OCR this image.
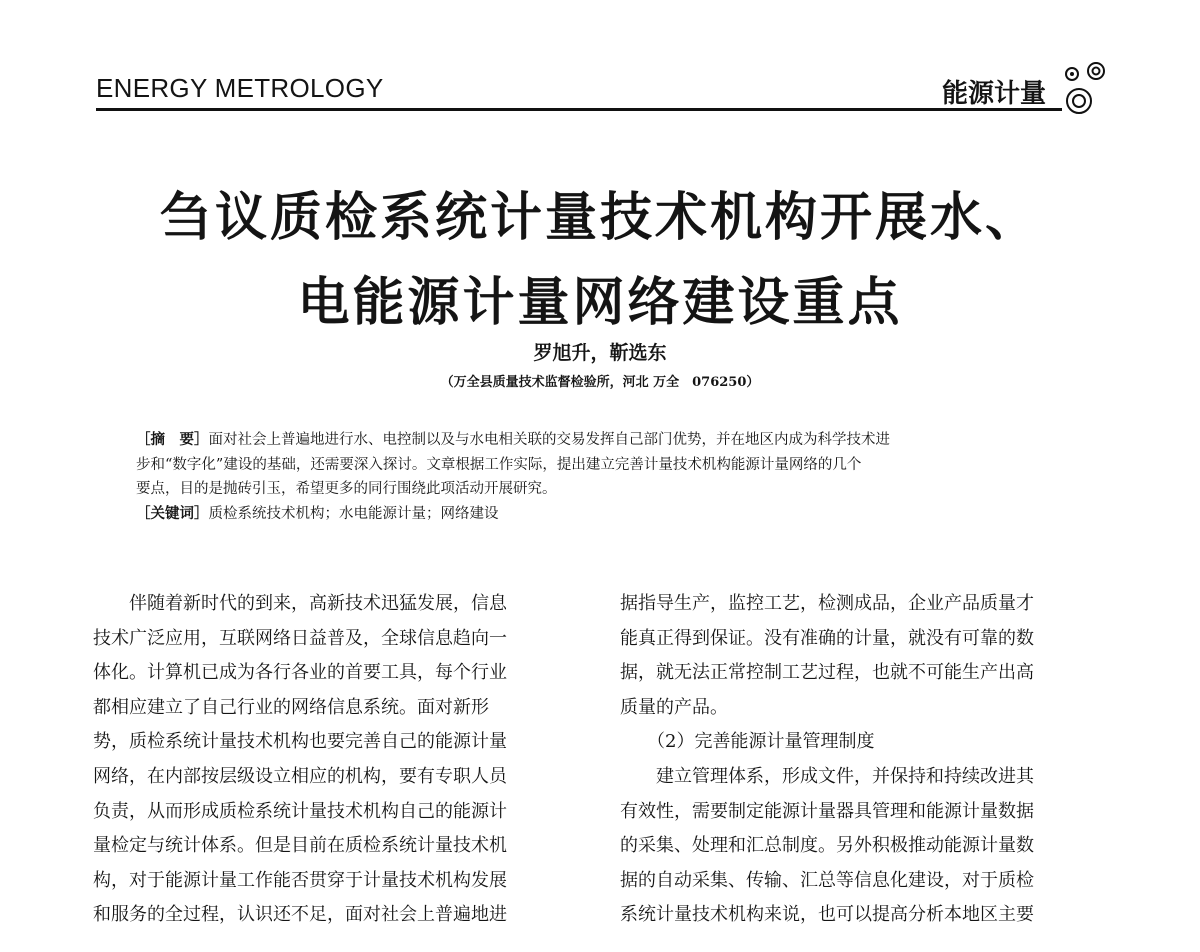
ENERGY METROLOGY	能源计量
刍议质检系统计量技术机构开展水、
电能源计量网络建设重点
罗旭升，靳选东
（万全县质量技术监督检验所，河北 万全　076250）
［摘　要］面对社会上普遍地进行水、电控制以及与水电相关联的交易发挥自己部门优势，并在地区内成为科学技术进
步和“数字化”建设的基础，还需要深入探讨。文章根据工作实际，提出建立完善计量技术机构能源计量网络的几个
要点，目的是抛砖引玉，希望更多的同行围绕此项活动开展研究。
［关键词］质检系统技术机构；水电能源计量；网络建设

　　伴随着新时代的到来，高新技术迅猛发展，信息

技术广泛应用，互联网络日益普及，全球信息趋向一

体化。计算机已成为各行各业的首要工具，每个行业

都相应建立了自己行业的网络信息系统。面对新形

势，质检系统计量技术机构也要完善自己的能源计量

网络，在内部按层级设立相应的机构，要有专职人员

负责，从而形成质检系统计量技术机构自己的能源计

量检定与统计体系。但是目前在质检系统计量技术机

构，对于能源计量工作能否贯穿于计量技术机构发展

和服务的全过程，认识还不足，面对社会上普遍地进

据指导生产，监控工艺，检测成品，企业产品质量才

能真正得到保证。没有准确的计量，就没有可靠的数

据，就无法正常控制工艺过程，也就不可能生产出高

质量的产品。

　　（2）完善能源计量管理制度

　　建立管理体系，形成文件，并保持和持续改进其

有效性，需要制定能源计量器具管理和能源计量数据

的采集、处理和汇总制度。另外积极推动能源计量数

据的自动采集、传输、汇总等信息化建设，对于质检

系统计量技术机构来说，也可以提高分析本地区主要
